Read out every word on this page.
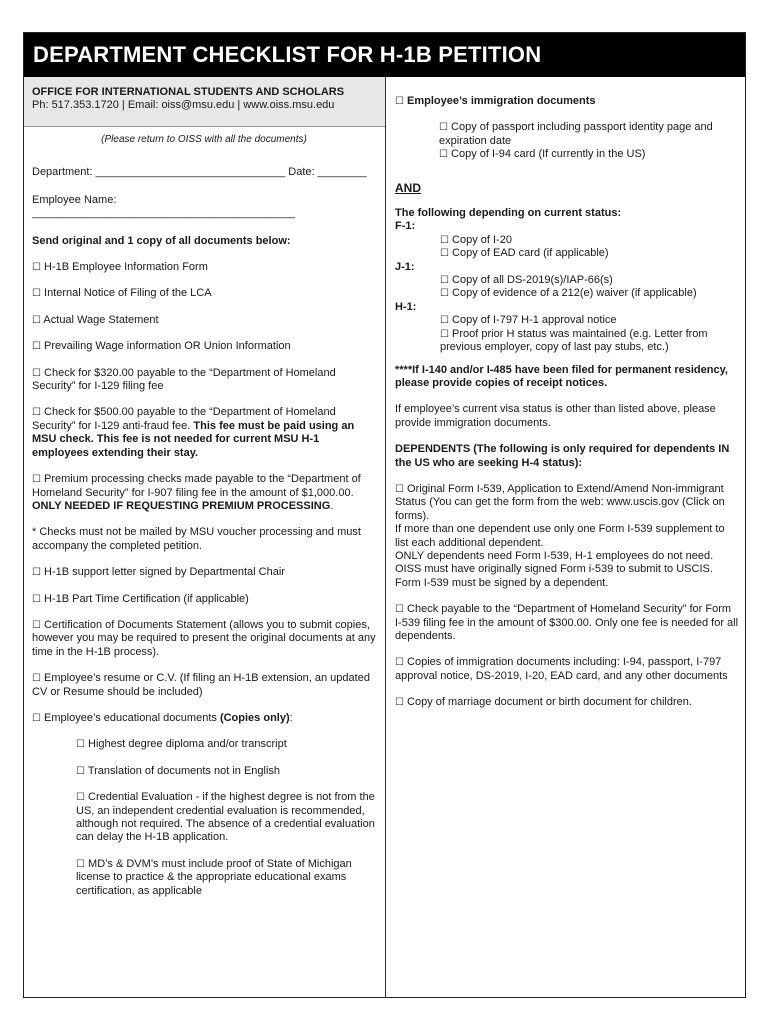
DEPARTMENT CHECKLIST FOR H-1B PETITION
OFFICE FOR INTERNATIONAL STUDENTS AND SCHOLARS
Ph: 517.353.1720 | Email: oiss@msu.edu | www.oiss.msu.edu
(Please return to OISS with all the documents)
Department: _______________________________ Date: ________
Employee Name: ___________________________________________
Send original and 1 copy of all documents below:
☐ H-1B Employee Information Form
☐ Internal Notice of Filing of the LCA
☐ Actual Wage Statement
☐ Prevailing Wage information OR Union Information
☐ Check for $320.00 payable to the “Department of Homeland Security” for I-129 filing fee
☐ Check for $500.00 payable to the “Department of Homeland Security” for I-129 anti-fraud fee. This fee must be paid using an MSU check. This fee is not needed for current MSU H-1 employees extending their stay.
☐ Premium processing checks made payable to the “Department of Homeland Security” for I-907 filing fee in the amount of $1,000.00. ONLY NEEDED IF REQUESTING PREMIUM PROCESSING.
* Checks must not be mailed by MSU voucher processing and must accompany the completed petition.
☐ H-1B support letter signed by Departmental Chair
☐ H-1B Part Time Certification (if applicable)
☐ Certification of Documents Statement (allows you to submit copies, however you may be required to present the original documents at any time in the H-1B process).
☐ Employee’s resume or C.V. (If filing an H-1B extension, an updated CV or Resume should be included)
☐ Employee’s educational documents (Copies only):
☐ Highest degree diploma and/or transcript
☐ Translation of documents not in English
☐ Credential Evaluation - if the highest degree is not from the US, an independent credential evaluation is recommended, although not required. The absence of a credential evaluation can delay the H-1B application.
☐ MD’s & DVM’s must include proof of State of Michigan license to practice & the appropriate educational exams certification, as applicable
☐ Employee’s immigration documents
☐ Copy of passport including passport identity page and expiration date
☐ Copy of I-94 card (If currently in the US)
AND
The following depending on current status:
F-1:
☐ Copy of I-20
☐ Copy of EAD card (if applicable)
J-1:
☐ Copy of all DS-2019(s)/IAP-66(s)
☐ Copy of evidence of a 212(e) waiver (if applicable)
H-1:
☐ Copy of I-797 H-1 approval notice
☐ Proof prior H status was maintained (e.g. Letter from previous employer, copy of last pay stubs, etc.)
****If I-140 and/or I-485 have been filed for permanent residency, please provide copies of receipt notices.
If employee’s current visa status is other than listed above, please provide immigration documents.
DEPENDENTS (The following is only required for dependents IN the US who are seeking H-4 status):
☐ Original Form I-539, Application to Extend/Amend Non-immigrant Status (You can get the form from the web: www.uscis.gov (Click on forms).
If more than one dependent use only one Form I-539 supplement to list each additional dependent.
ONLY dependents need Form I-539, H-1 employees do not need. OISS must have originally signed Form i-539 to submit to USCIS.
Form I-539 must be signed by a dependent.
☐ Check payable to the “Department of Homeland Security” for Form I-539 filing fee in the amount of $300.00. Only one fee is needed for all dependents.
☐ Copies of immigration documents including: I-94, passport, I-797 approval notice, DS-2019, I-20, EAD card, and any other documents
☐ Copy of marriage document or birth document for children.
